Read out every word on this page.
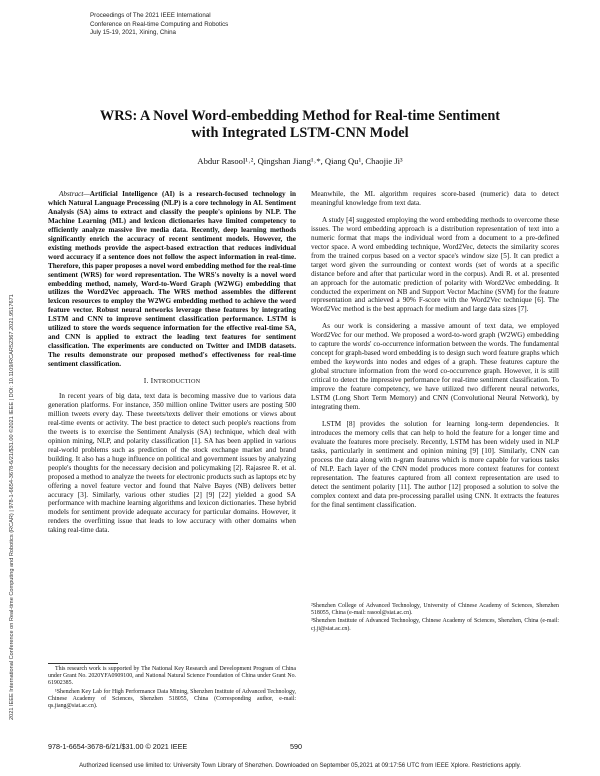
Proceedings of The 2021 IEEE International
Conference on Real-time Computing and Robotics
July 15-19, 2021, Xining, China
2021 IEEE International Conference on Real-time Computing and Robotics (RCAR) | 978-1-6654-3678-6/21/$31.00 ©2021 IEEE | DOI: 10.1109/RCAR52367.2021.9517671
WRS: A Novel Word-embedding Method for Real-time Sentiment
with Integrated LSTM-CNN Model
Abdur Rasool¹˒², Qingshan Jiang¹˒*, Qiang Qu¹, Chaojie Ji³

Abstract—Artificial Intelligence (AI) is a research-focused technology in which Natural Language Processing (NLP) is a core technology in AI. Sentiment Analysis (SA) aims to extract and classify the people's opinions by NLP. The Machine Learning (ML) and lexicon dictionaries have limited competency to efficiently analyze massive live media data. Recently, deep learning methods significantly enrich the accuracy of recent sentiment models. However, the existing methods provide the aspect-based extraction that reduces individual word accuracy if a sentence does not follow the aspect information in real-time. Therefore, this paper proposes a novel word embedding method for the real-time sentiment (WRS) for word representation. The WRS's novelty is a novel word embedding method, namely, Word-to-Word Graph (W2WG) embedding that utilizes the Word2Vec approach. The WRS method assembles the different lexicon resources to employ the W2WG embedding method to achieve the word feature vector. Robust neural networks leverage these features by integrating LSTM and CNN to improve sentiment classification performance. LSTM is utilized to store the words sequence information for the effective real-time SA, and CNN is applied to extract the leading text features for sentiment classification. The experiments are conducted on Twitter and IMDB datasets. The results demonstrate our proposed method's effectiveness for real-time sentiment classification.

I. INTRODUCTION

In recent years of big data, text data is becoming massive due to various data generation platforms. For instance, 350 million online Twitter users are posting 500 million tweets every day. These tweets/texts deliver their emotions or views about real-time events or activity. The best practice to detect such people's reactions from the tweets is to exercise the Sentiment Analysis (SA) technique, which deal with opinion mining, NLP, and polarity classification [1]. SA has been applied in various real-world problems such as prediction of the stock exchange market and brand building. It also has a huge influence on political and government issues by analyzing people's thoughts for the necessary decision and policymaking [2]. Rajasree R. et al. proposed a method to analyze the tweets for electronic products such as laptops etc by offering a novel feature vector and found that Naïve Bayes (NB) delivers better accuracy [3]. Similarly, various other studies [2] [9] [22] yielded a good SA performance with machine learning algorithms and lexicon dictionaries. These hybrid models for sentiment provide adequate accuracy for particular domains. However, it renders the overfitting issue that leads to low accuracy with other domains when taking real-time data.

Meanwhile, the ML algorithm requires score-based (numeric) data to detect meaningful knowledge from text data.

A study [4] suggested employing the word embedding methods to overcome these issues. The word embedding approach is a distribution representation of text into a numeric format that maps the individual word from a document to a pre-defined vector space. A word embedding technique, Word2Vec, detects the similarity scores from the trained corpus based on a vector space's window size [5]. It can predict a target word given the surrounding or context words (set of words at a specific distance before and after that particular word in the corpus). Andi R. et al. presented an approach for the automatic prediction of polarity with Word2Vec embedding. It conducted the experiment on NB and Support Vector Machine (SVM) for the feature representation and achieved a 90% F-score with the Word2Vec technique [6]. The Word2Vec method is the best approach for medium and large data sizes [7].

As our work is considering a massive amount of text data, we employed Word2Vec for our method. We proposed a word-to-word graph (W2WG) embedding to capture the words' co-occurrence information between the words. The fundamental concept for graph-based word embedding is to design such word feature graphs which embed the keywords into nodes and edges of a graph. These features capture the global structure information from the word co-occurrence graph. However, it is still critical to detect the impressive performance for real-time sentiment classification. To improve the feature competency, we have utilized two different neural networks, LSTM (Long Short Term Memory) and CNN (Convolutional Neural Network), by integrating them.

LSTM [8] provides the solution for learning long-term dependencies. It introduces the memory cells that can help to hold the feature for a longer time and evaluate the features more precisely. Recently, LSTM has been widely used in NLP tasks, particularly in sentiment and opinion mining [9] [10]. Similarly, CNN can process the data along with n-gram features which is more capable for various tasks of NLP. Each layer of the CNN model produces more context features for context representation. The features captured from all context representation are used to detect the sentiment polarity [11]. The author [12] proposed a solution to solve the complex context and data pre-processing parallel using CNN. It extracts the features for the final sentiment classification.

This research work is supported by The National Key Research and Development Program of China under Grant No. 2020YFA0909100, and National Natural Science Foundation of China under Grant No. 61902385.

¹Shenzhen Key Lab for High Performance Data Mining, Shenzhen Institute of Advanced Technology, Chinese Academy of Sciences, Shenzhen 518055, China (Corresponding author, e-mail: qs.jiang@siat.ac.cn).

²Shenzhen College of Advanced Technology, University of Chinese Academy of Sciences, Shenzhen 518055, China (e-mail: rasool@siat.ac.cn).

³Shenzhen Institute of Advanced Technology, Chinese Academy of Sciences, Shenzhen, China (e-mail: cj.ji@siat.ac.cn).

978-1-6654-3678-6/21/$31.00 © 2021 IEEE	590
Authorized licensed use limited to: University Town Library of Shenzhen. Downloaded on September 05,2021 at 09:17:56 UTC from IEEE Xplore. Restrictions apply.
